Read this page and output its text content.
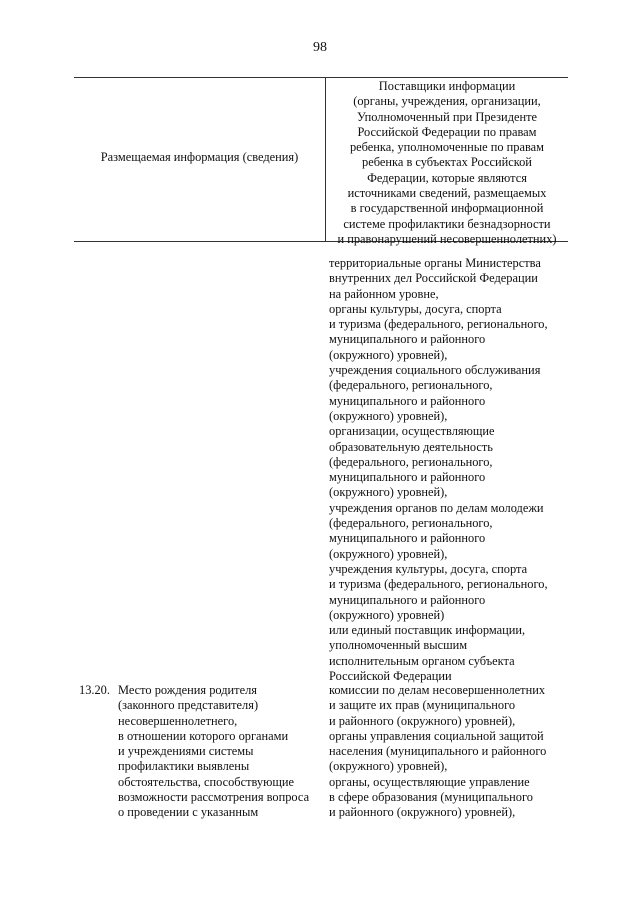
98
Размещаемая информация (сведения)
Поставщики информации
(органы, учреждения, организации,
Уполномоченный при Президенте
Российской Федерации по правам
ребенка, уполномоченные по правам
ребенка в субъектах Российской
Федерации, которые являются
источниками сведений, размещаемых
в государственной информационной
системе профилактики безнадзорности
и правонарушений несовершеннолетних)
территориальные органы Министерства
внутренних дел Российской Федерации
на районном уровне,
органы культуры, досуга, спорта
и туризма (федерального, регионального,
муниципального и районного
(окружного) уровней),
учреждения социального обслуживания
(федерального, регионального,
муниципального и районного
(окружного) уровней),
организации, осуществляющие
образовательную деятельность
(федерального, регионального,
муниципального и районного
(окружного) уровней),
учреждения органов по делам молодежи
(федерального, регионального,
муниципального и районного
(окружного) уровней),
учреждения культуры, досуга, спорта
и туризма (федерального, регионального,
муниципального и районного
(окружного) уровней)
или единый поставщик информации,
уполномоченный высшим
исполнительным органом субъекта
Российской Федерации
13.20. Место рождения родителя
(законного представителя)
несовершеннолетнего,
в отношении которого органами
и учреждениями системы
профилактики выявлены
обстоятельства, способствующие
возможности рассмотрения вопроса
о проведении с указанным
комиссии по делам несовершеннолетних
и защите их прав (муниципального
и районного (окружного) уровней),
органы управления социальной защитой
населения (муниципального и районного
(окружного) уровней),
органы, осуществляющие управление
в сфере образования (муниципального
и районного (окружного) уровней),
